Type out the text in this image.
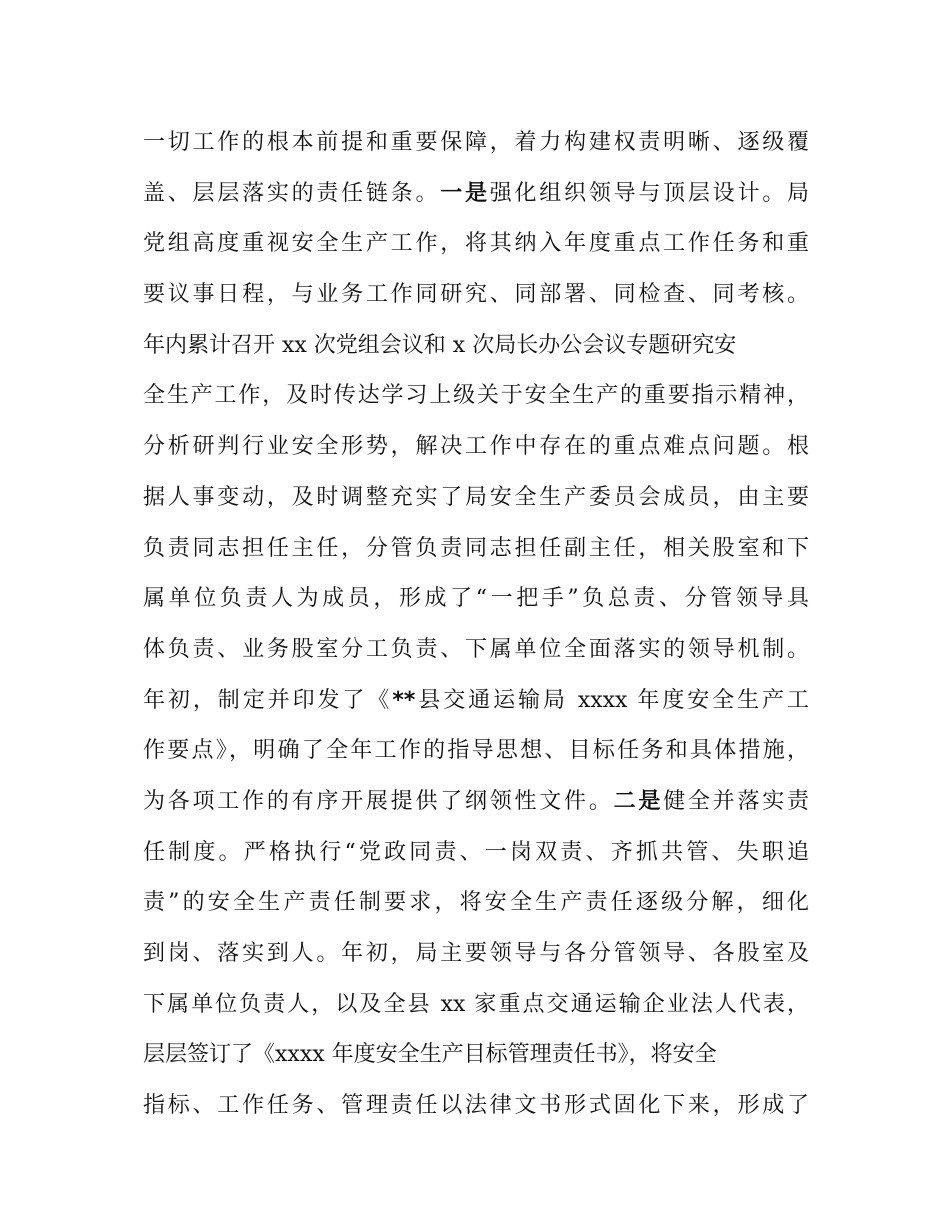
一切工作的根本前提和重要保障，着力构建权责明晰、逐级覆
盖、层层落实的责任链条。一是强化组织领导与顶层设计。局
党组高度重视安全生产工作，将其纳入年度重点工作任务和重
要议事日程，与业务工作同研究、同部署、同检查、同考核。
年内累计召开 xx 次党组会议和 x 次局长办公会议专题研究安
全生产工作，及时传达学习上级关于安全生产的重要指示精神，
分析研判行业安全形势，解决工作中存在的重点难点问题。根
据人事变动，及时调整充实了局安全生产委员会成员，由主要
负责同志担任主任，分管负责同志担任副主任，相关股室和下
属单位负责人为成员，形成了“一把手”负总责、分管领导具
体负责、业务股室分工负责、下属单位全面落实的领导机制。
年初，制定并印发了《**县交通运输局 xxxx 年度安全生产工
作要点》，明确了全年工作的指导思想、目标任务和具体措施，
为各项工作的有序开展提供了纲领性文件。二是健全并落实责
任制度。严格执行“党政同责、一岗双责、齐抓共管、失职追
责”的安全生产责任制要求，将安全生产责任逐级分解，细化
到岗、落实到人。年初，局主要领导与各分管领导、各股室及
下属单位负责人，以及全县 xx 家重点交通运输企业法人代表，
层层签订了《xxxx 年度安全生产目标管理责任书》，将安全
指标、工作任务、管理责任以法律文书形式固化下来，形成了
